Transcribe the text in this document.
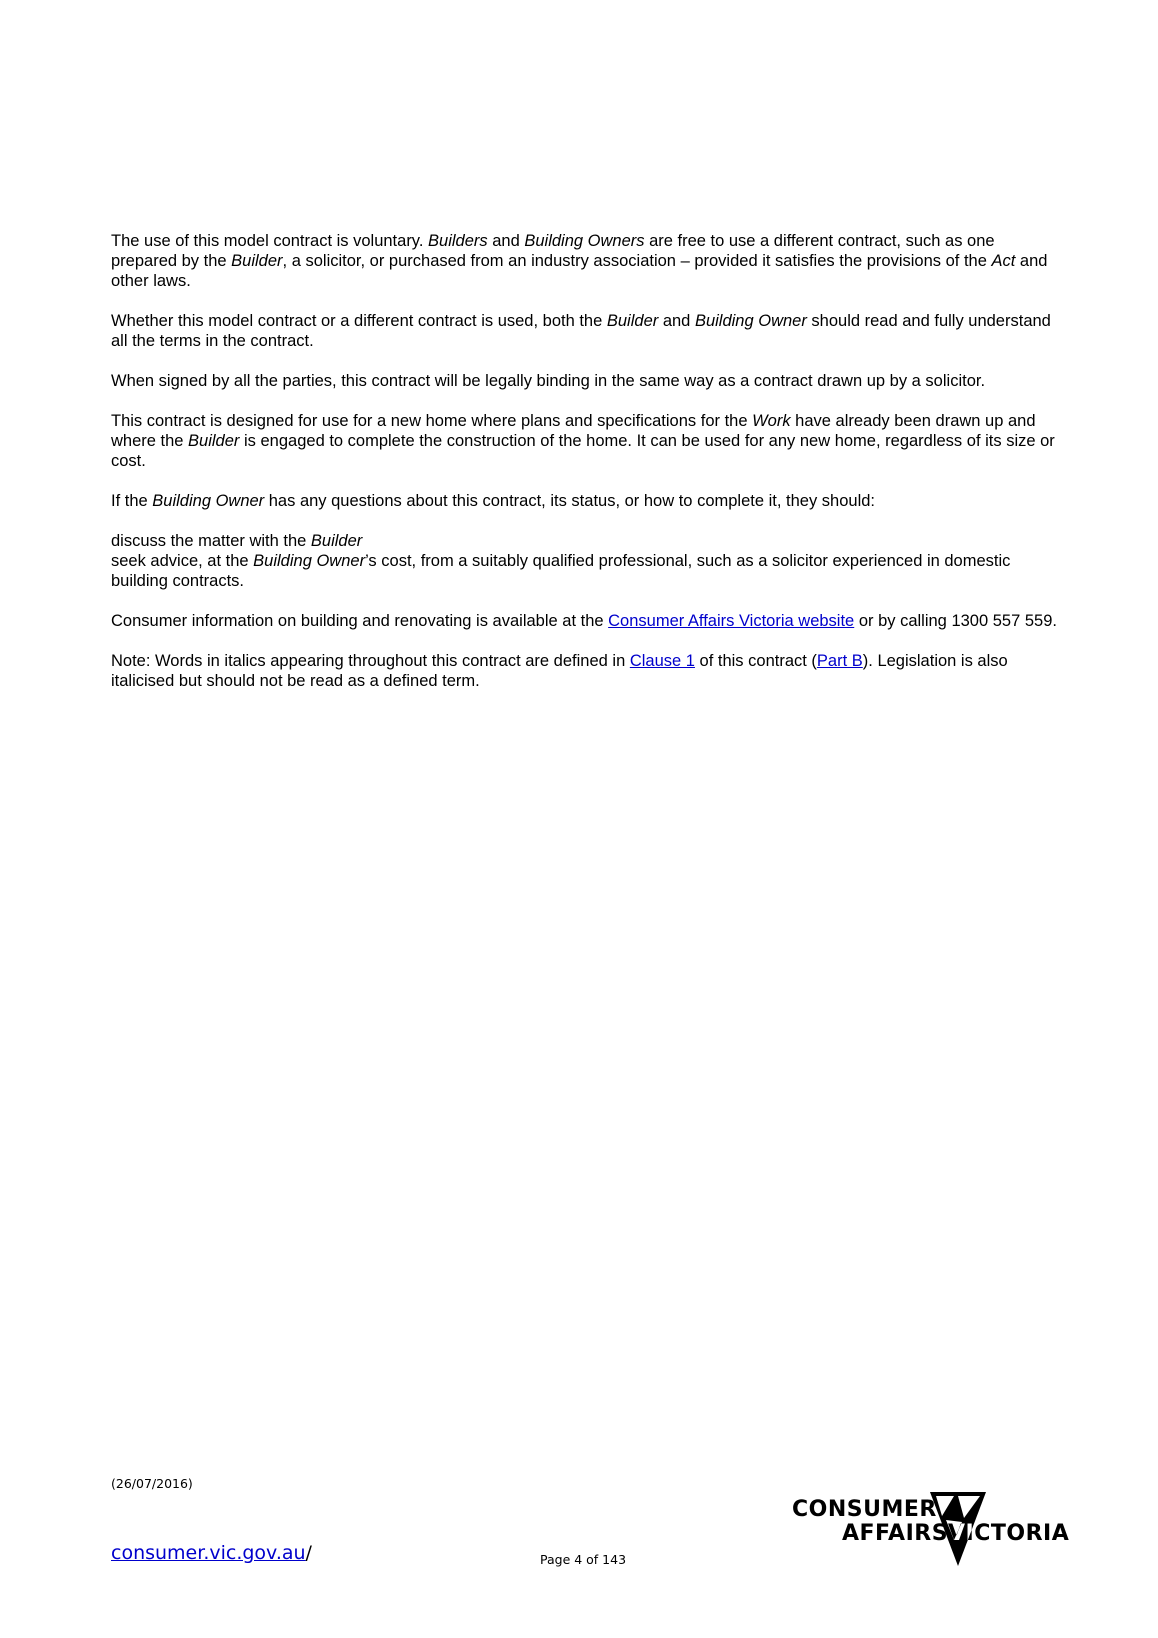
The use of this model contract is voluntary. Builders and Building Owners are free to use a different contract, such as one prepared by the Builder, a solicitor, or purchased from an industry association – provided it satisfies the provisions of the Act and other laws.

Whether this model contract or a different contract is used, both the Builder and Building Owner should read and fully understand all the terms in the contract.

When signed by all the parties, this contract will be legally binding in the same way as a contract drawn up by a solicitor.

This contract is designed for use for a new home where plans and specifications for the Work have already been drawn up and where the Builder is engaged to complete the construction of the home. It can be used for any new home, regardless of its size or cost.

If the Building Owner has any questions about this contract, its status, or how to complete it, they should:

discuss the matter with the Builder

seek advice, at the Building Owner’s cost, from a suitably qualified professional, such as a solicitor experienced in domestic building contracts.

Consumer information on building and renovating is available at the Consumer Affairs Victoria website or by calling 1300 557 559.

Note: Words in italics appearing throughout this contract are defined in Clause 1 of this contract (Part B). Legislation is also italicised but should not be read as a defined term.

(26/07/2016)
consumer.vic.gov.au/	Page 4 of 143
CONSUMER
AFFAIRS VICTORIA
